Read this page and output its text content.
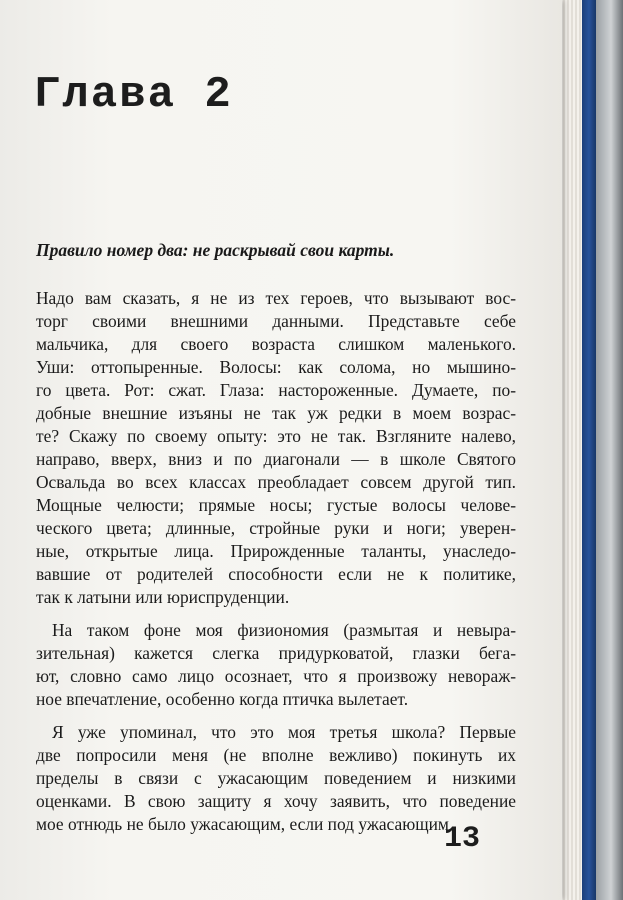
Глава 2

Правило номер два: не раскрывай свои карты.

Надо вам сказать, я не из тех героев, что вызывают вос-
торг своими внешними данными. Представьте себе
мальчика, для своего возраста слишком маленького.
Уши: оттопыренные. Волосы: как солома, но мышино-
го цвета. Рот: сжат. Глаза: настороженные. Думаете, по-
добные внешние изъяны не так уж редки в моем возрас-
те? Скажу по своему опыту: это не так. Взгляните налево,
направо, вверх, вниз и по диагонали — в школе Святого
Освальда во всех классах преобладает совсем другой тип.
Мощные челюсти; прямые носы; густые волосы челове-
ческого цвета; длинные, стройные руки и ноги; уверен-
ные, открытые лица. Прирожденные таланты, унаследо-
вавшие от родителей способности если не к политике,
так к латыни или юриспруденции.
На таком фоне моя физиономия (размытая и невыра-
зительная) кажется слегка придурковатой, глазки бега-
ют, словно само лицо осознает, что я произвожу невораж-
ное впечатление, особенно когда птичка вылетает.
Я уже упоминал, что это моя третья школа? Первые
две попросили меня (не вполне вежливо) покинуть их
пределы в связи с ужасающим поведением и низкими
оценками. В свою защиту я хочу заявить, что поведение
мое отнюдь не было ужасающим, если под ужасающим
13
